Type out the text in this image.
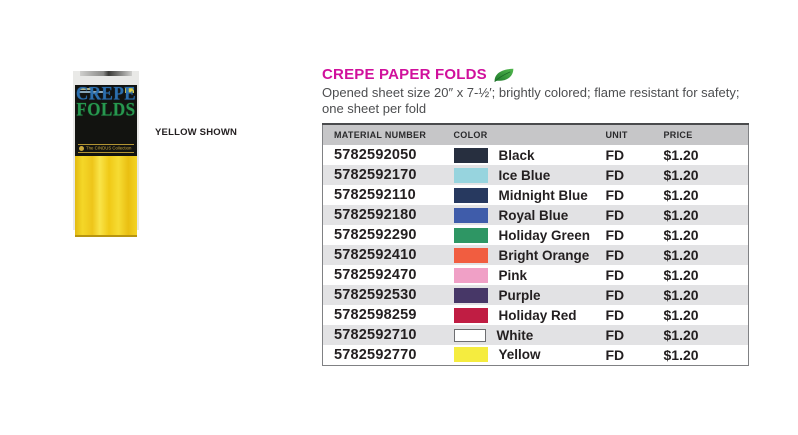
CREPE
FOLDS
The CINDUS Collection
YELLOW SHOWN
CREPE PAPER FOLDS

Opened sheet size 20″ x 7-½′; brightly colored; flame resistant for safety; one sheet per fold

MATERIAL NUMBER	COLOR	UNIT	PRICE
5782592050	Black	FD	$1.20
5782592170	Ice Blue	FD	$1.20
5782592110	Midnight Blue	FD	$1.20
5782592180	Royal Blue	FD	$1.20
5782592290	Holiday Green	FD	$1.20
5782592410	Bright Orange	FD	$1.20
5782592470	Pink	FD	$1.20
5782592530	Purple	FD	$1.20
5782598259	Holiday Red	FD	$1.20
5782592710	White	FD	$1.20
5782592770	Yellow	FD	$1.20
